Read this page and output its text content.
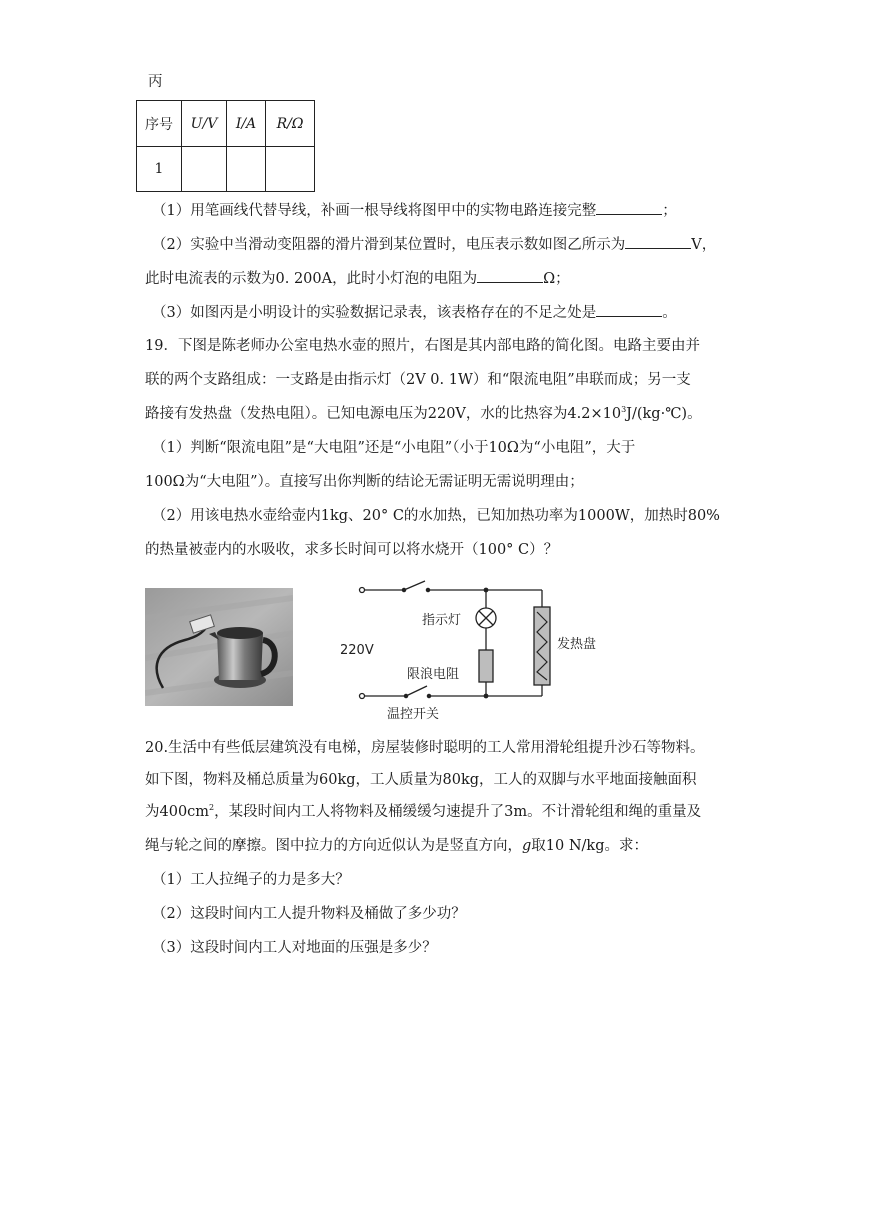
丙
序号	U/V	I/A	R/Ω
1			
（1）用笔画线代替导线，补画一根导线将图甲中的实物电路连接完整	；
（2）实验中当滑动变阻器的滑片滑到某位置时，电压表示数如图乙所示为	V，
此时电流表的示数为0. 200A，此时小灯泡的电阻为	Ω；
（3）如图丙是小明设计的实验数据记录表，该表格存在的不足之处是	。
19．下图是陈老师办公室电热水壶的照片，右图是其内部电路的简化图。电路主要由并
联的两个支路组成：一支路是由指示灯（2V 0. 1W）和“限流电阻”串联而成；另一支
路接有发热盘（发热电阻）。已知电源电压为220V，水的比热容为$4.2\times 10^3J/(kg\cdot℃)$。
（1）判断“限流电阻”是“大电阻”还是“小电阻”（小于10Ω为“小电阻”，大于
100Ω为“大电阻”）。直接写出你判断的结论无需证明无需说明理由；
（2）用该电热水壶给壶内1kg、20° C的水加热，已知加热功率为1000W，加热时80%
的热量被壶内的水吸收，求多长时间可以将水烧开（100° C）？
220V
指示灯
发热盘
限浪电阻
温控开关
20.生活中有些低层建筑没有电梯，房屋装修时聪明的工人常用滑轮组提升沙石等物料。
如下图，物料及桶总质量为60kg，工人质量为80kg，工人的双脚与水平地面接触面积
为$400cm^2$，某段时间内工人将物料及桶缓缓匀速提升了3m。不计滑轮组和绳的重量及
绳与轮之间的摩擦。图中拉力的方向近似认为是竖直方向，g取10 N/kg。求：
（1）工人拉绳子的力是多大？
（2）这段时间内工人提升物料及桶做了多少功？
（3）这段时间内工人对地面的压强是多少？
